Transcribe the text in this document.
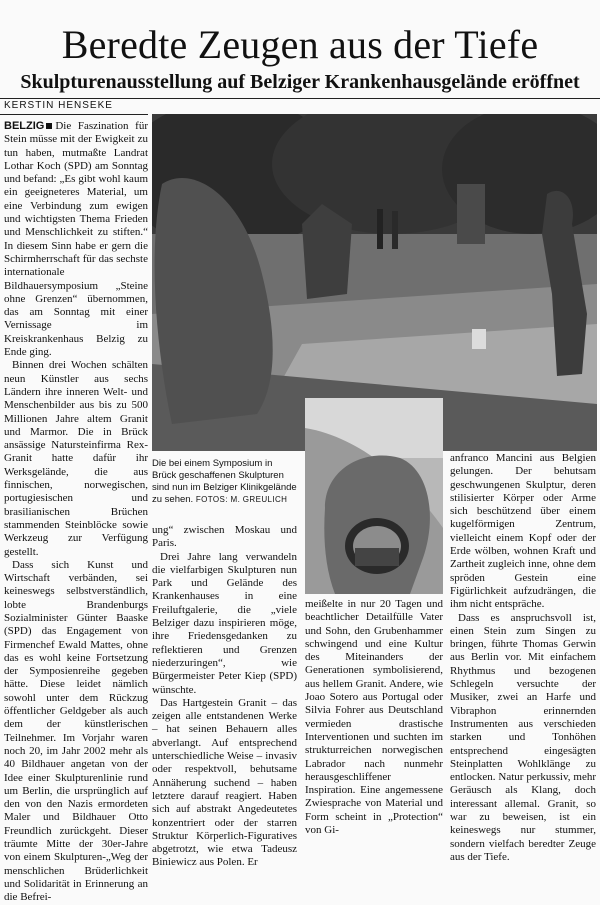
Beredte Zeugen aus der Tiefe
Skulpturenausstellung auf Belziger Krankenhausgelände eröffnet
KERSTIN HENSEKE

BELZIG Die Faszination für Stein müsse mit der Ewigkeit zu tun haben, mutmaßte Landrat Lothar Koch (SPD) am Sonntag und befand: „Es gibt wohl kaum ein geeigneteres Material, um eine Verbindung zum ewigen und wichtigsten Thema Frieden und Menschlichkeit zu stiften.“ In diesem Sinn habe er gern die Schirmherrschaft für das sechste internationale Bildhauersymposium „Steine ohne Grenzen“ übernommen, das am Sonntag mit einer Vernissage im Kreiskrankenhaus Belzig zu Ende ging.

Binnen drei Wochen schälten neun Künstler aus sechs Ländern ihre inneren Welt- und Menschenbilder aus bis zu 500 Millionen Jahre altem Granit und Marmor. Die in Brück ansässige Natursteinfirma Rex-Granit hatte dafür ihr Werksgelände, die aus finnischen, norwegischen, portugiesischen und brasilianischen Brüchen stammenden Steinblöcke sowie Werkzeug zur Verfügung gestellt.

Dass sich Kunst und Wirtschaft verbänden, sei keineswegs selbstverständlich, lobte Brandenburgs Sozialminister Günter Baaske (SPD) das Engagement von Firmenchef Ewald Mattes, ohne das es wohl keine Fortsetzung der Symposienreihe gegeben hätte. Diese leidet nämlich sowohl unter dem Rückzug öffentlicher Geldgeber als auch dem der künstlerischen Teilnehmer. Im Vorjahr waren noch 20, im Jahr 2002 mehr als 40 Bildhauer angetan von der Idee einer Skulpturenlinie rund um Berlin, die ursprünglich auf den von den Nazis ermordeten Maler und Bildhauer Otto Freundlich zurückgeht. Dieser träumte Mitte der 30er-Jahre von einem Skulpturen-„Weg der menschlichen Brüderlichkeit und Solidarität in Erinnerung an die Befrei-

Die bei einem Symposium in Brück geschaffenen Skulpturen sind nun im Belziger Klinikgelände zu sehen. FOTOS: M. GREULICH

ung“ zwischen Moskau und Paris.

Drei Jahre lang verwandeln die vielfarbigen Skulpturen nun Park und Gelände des Krankenhauses in eine Freiluftgalerie, die „viele Belziger dazu inspirieren möge, ihre Friedensgedanken zu reflektieren und Grenzen niederzuringen“, wie Bürgermeister Peter Kiep (SPD) wünschte.

Das Hartgestein Granit – das zeigen alle entstandenen Werke – hat seinen Behauern alles abverlangt. Auf entsprechend unterschiedliche Weise – invasiv oder respektvoll, behutsame Annäherung suchend – haben letztere darauf reagiert. Haben sich auf abstrakt Angedeutetes konzentriert oder der starren Struktur Körperlich-Figuratives abgetrotzt, wie etwa Tadeusz Biniewicz aus Polen. Er

meißelte in nur 20 Tagen und beachtlicher Detailfülle Vater und Sohn, den Grubenhammer schwingend und eine Kultur des Miteinanders der Generationen symbolisierend, aus hellem Granit. Andere, wie Joao Sotero aus Portugal oder Silvia Fohrer aus Deutschland vermieden drastische Interventionen und suchten im strukturreichen norwegischen Labrador nach nunmehr herausgeschliffener Inspiration. Eine angemessene Zwiesprache von Material und Form scheint in „Protection“ von Gi-

anfranco Mancini aus Belgien gelungen. Der behutsam geschwungenen Skulptur, deren stilisierter Körper oder Arme sich beschützend über einem kugelförmigen Zentrum, vielleicht einem Kopf oder der Erde wölben, wohnen Kraft und Zartheit zugleich inne, ohne dem spröden Gestein eine Figürlichkeit aufzudrängen, die ihm nicht entspräche.

Dass es anspruchsvoll ist, einen Stein zum Singen zu bringen, führte Thomas Gerwin aus Berlin vor. Mit einfachem Rhythmus und bezogenen Schlegeln versuchte der Musiker, zwei an Harfe und Vibraphon erinnernden Instrumenten aus verschieden starken und Tonhöhen entsprechend eingesägten Steinplatten Wohlklänge zu entlocken. Natur perkussiv, mehr Geräusch als Klang, doch interessant allemal. Granit, so war zu beweisen, ist ein keineswegs nur stummer, sondern vielfach beredter Zeuge aus der Tiefe.
